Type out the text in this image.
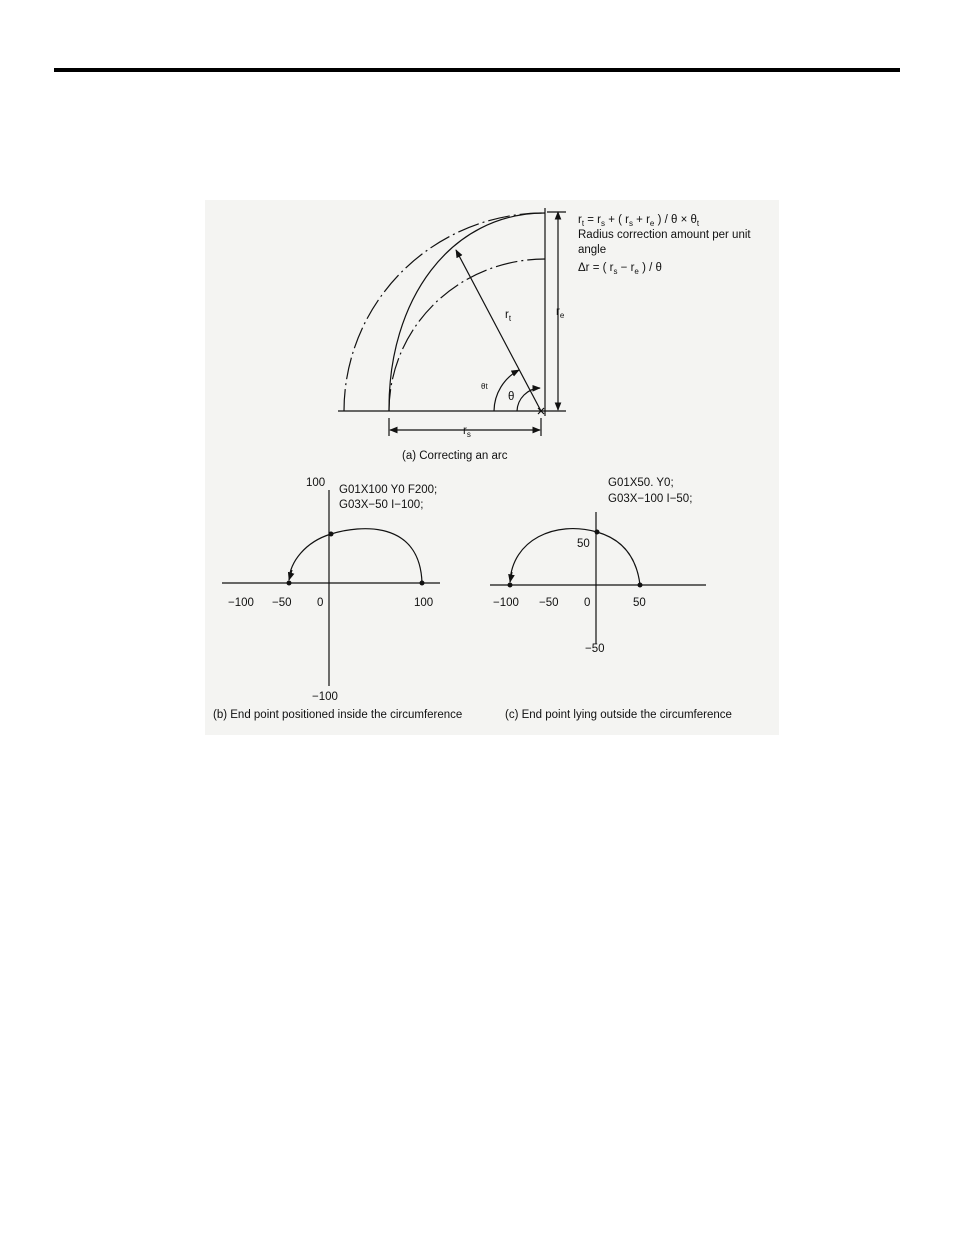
$r_t = r_s$ + ( $r_s + r_e$ ) / $\theta \times \theta_t$
Radius correction amount per unit
angle
Δr = ( $r_s - r_e$ ) / θ
$r_t$
$r_e$
$r_s$
θt
θ
(a) Correcting an arc
100
G01X100 Y0 F200;
G03X−50 I−100;
−100 −50 0	100
−100
(b) End point positioned inside the circumference
G01X50. Y0;
G03X−100 I−50;
50
−100 −50 0	50
−50
(c) End point lying outside the circumference
